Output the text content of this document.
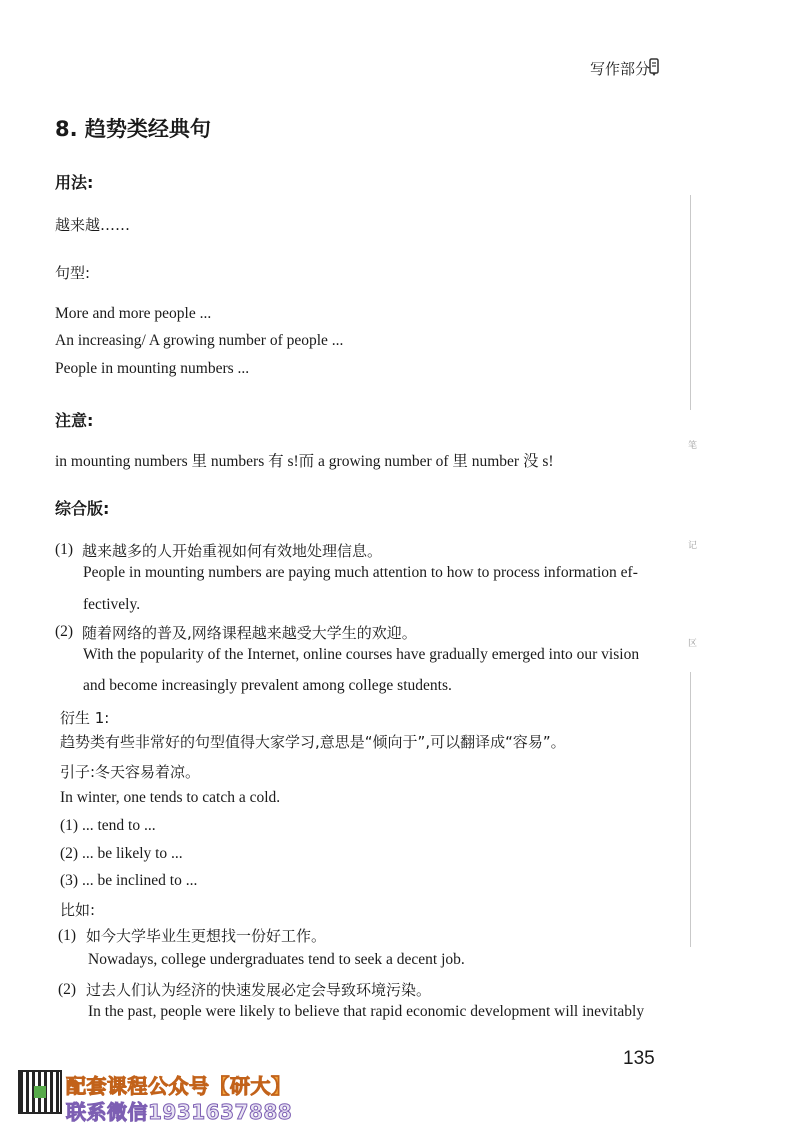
写作部分
8. 趋势类经典句
用法:
越来越……
句型:
More and more people ...
An increasing/ A growing number of people ...
People in mounting numbers ...
注意:
in mounting numbers 里 numbers 有 s!而 a growing number of 里 number 没 s!
综合版:
(1) 越来越多的人开始重视如何有效地处理信息。
People in mounting numbers are paying much attention to how to process information ef-
fectively.
(2) 随着网络的普及,网络课程越来越受大学生的欢迎。
With the popularity of the Internet, online courses have gradually emerged into our vision
and become increasingly prevalent among college students.
衍生 1:
趋势类有些非常好的句型值得大家学习,意思是“倾向于”,可以翻译成“容易”。
引子:冬天容易着凉。
In winter, one tends to catch a cold.
(1) ... tend to ...
(2) ... be likely to ...
(3) ... be inclined to ...
比如:
(1) 如今大学毕业生更想找一份好工作。
Nowadays, college undergraduates tend to seek a decent job.
(2) 过去人们认为经济的快速发展必定会导致环境污染。
In the past, people were likely to believe that rapid economic development will inevitably
笔
记
区
135
配套课程公众号【研大】
联系微信1931637888
